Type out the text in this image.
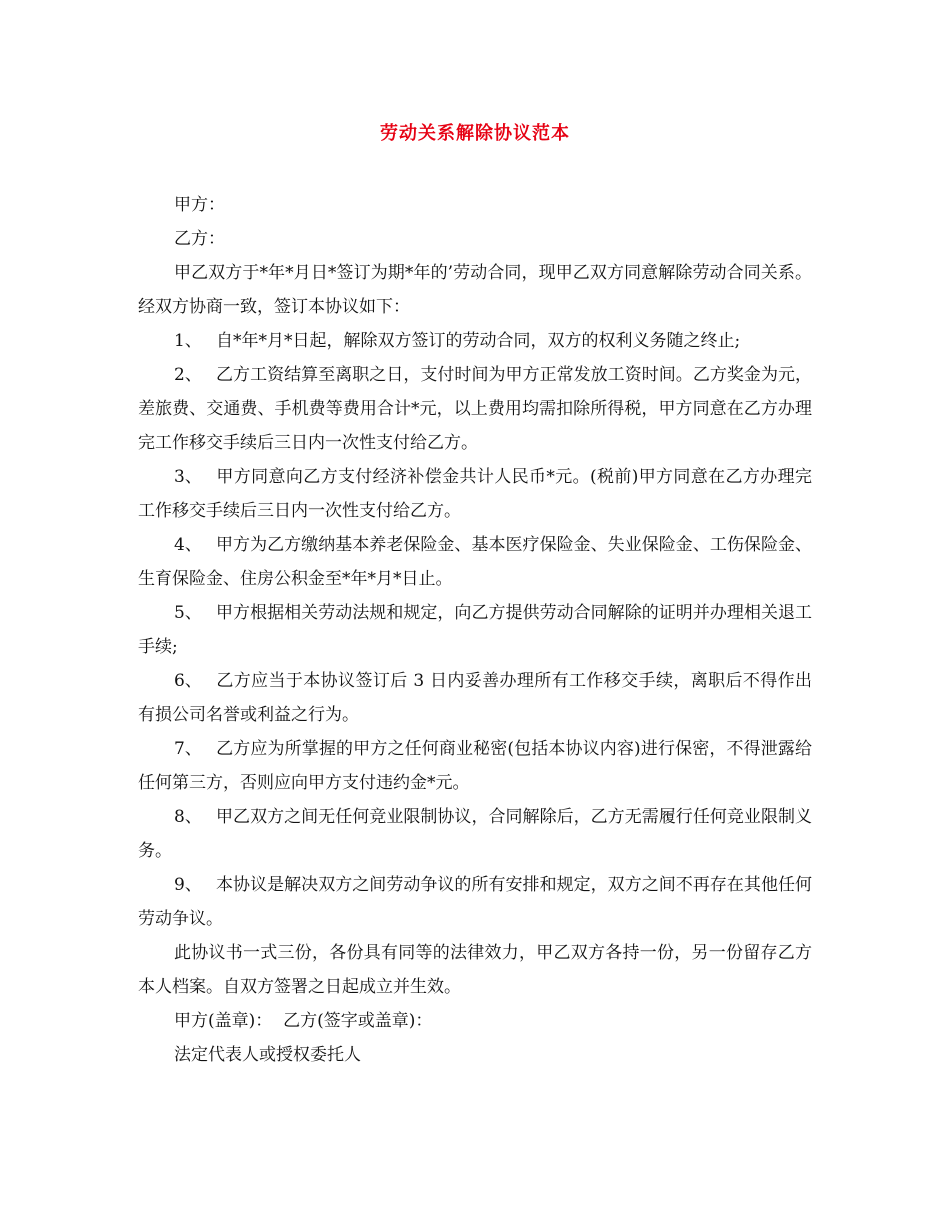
劳动关系解除协议范本

甲方：

乙方：

甲乙双方于*年*月日*签订为期*年的’劳动合同，现甲乙双方同意解除劳动合同关系。经双方协商一致，签订本协议如下：

1、 自*年*月*日起，解除双方签订的劳动合同，双方的权利义务随之终止;

2、 乙方工资结算至离职之日，支付时间为甲方正常发放工资时间。乙方奖金为元，差旅费、交通费、手机费等费用合计*元，以上费用均需扣除所得税，甲方同意在乙方办理完工作移交手续后三日内一次性支付给乙方。

3、 甲方同意向乙方支付经济补偿金共计人民币*元。(税前)甲方同意在乙方办理完工作移交手续后三日内一次性支付给乙方。

4、 甲方为乙方缴纳基本养老保险金、基本医疗保险金、失业保险金、工伤保险金、生育保险金、住房公积金至*年*月*日止。

5、 甲方根据相关劳动法规和规定，向乙方提供劳动合同解除的证明并办理相关退工手续;

6、 乙方应当于本协议签订后 3 日内妥善办理所有工作移交手续，离职后不得作出有损公司名誉或利益之行为。

7、 乙方应为所掌握的甲方之任何商业秘密(包括本协议内容)进行保密，不得泄露给任何第三方，否则应向甲方支付违约金*元。

8、 甲乙双方之间无任何竞业限制协议，合同解除后，乙方无需履行任何竞业限制义务。

9、 本协议是解决双方之间劳动争议的所有安排和规定，双方之间不再存在其他任何劳动争议。

此协议书一式三份，各份具有同等的法律效力，甲乙双方各持一份，另一份留存乙方本人档案。自双方签署之日起成立并生效。

甲方(盖章)：  乙方(签字或盖章)：

法定代表人或授权委托人
